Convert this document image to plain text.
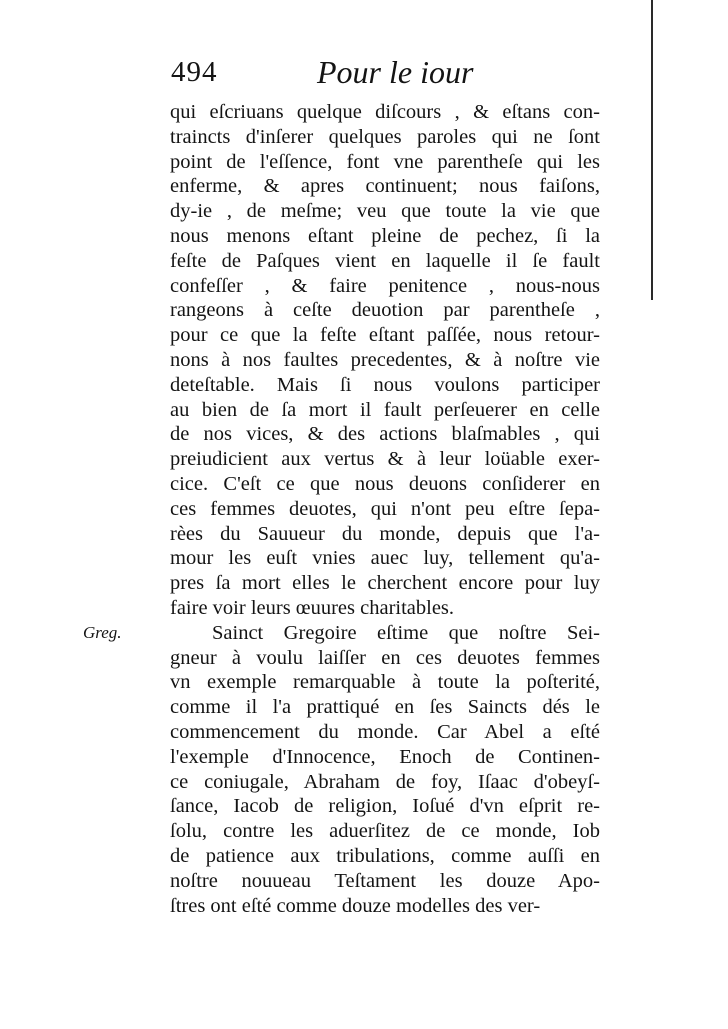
494	Pour le iour
Greg.
qui eſcriuans quelque diſcours , & eſtans con-
traincts d'inſerer quelques paroles qui ne ſont
point de l'eſſence, font vne parentheſe qui les
enferme, & apres continuent; nous faiſons,
dy-ie , de meſme; veu que toute la vie que
nous menons eſtant pleine de pechez, ſi la
feſte de Paſques vient en laquelle il ſe fault
confeſſer , & faire penitence , nous-nous
rangeons à ceſte deuotion par parentheſe ,
pour ce que la feſte eſtant paſſée, nous retour-
nons à nos faultes precedentes, & à noſtre vie
deteſtable. Mais ſi nous voulons participer
au bien de ſa mort il fault perſeuerer en celle
de nos vices, & des actions blaſmables , qui
preiudicient aux vertus & à leur loüable exer-
cice. C'eſt ce que nous deuons conſiderer en
ces femmes deuotes, qui n'ont peu eſtre ſepa-
rèes du Sauueur du monde, depuis que l'a-
mour les euſt vnies auec luy, tellement qu'a-
pres ſa mort elles le cherchent encore pour luy
faire voir leurs œuures charitables.
Sainct Gregoire eſtime que noſtre Sei-
gneur à voulu laiſſer en ces deuotes femmes
vn exemple remarquable à toute la poſterité,
comme il l'a prattiqué en ſes Saincts dés le
commencement du monde. Car Abel a eſté
l'exemple d'Innocence, Enoch de Continen-
ce coniugale, Abraham de foy, Iſaac d'obeyſ-
ſance, Iacob de religion, Ioſué d'vn eſprit re-
ſolu, contre les aduerſitez de ce monde, Iob
de patience aux tribulations, comme auſſi en
noſtre nouueau Teſtament les douze Apo-
ſtres ont eſté comme douze modelles des ver-
